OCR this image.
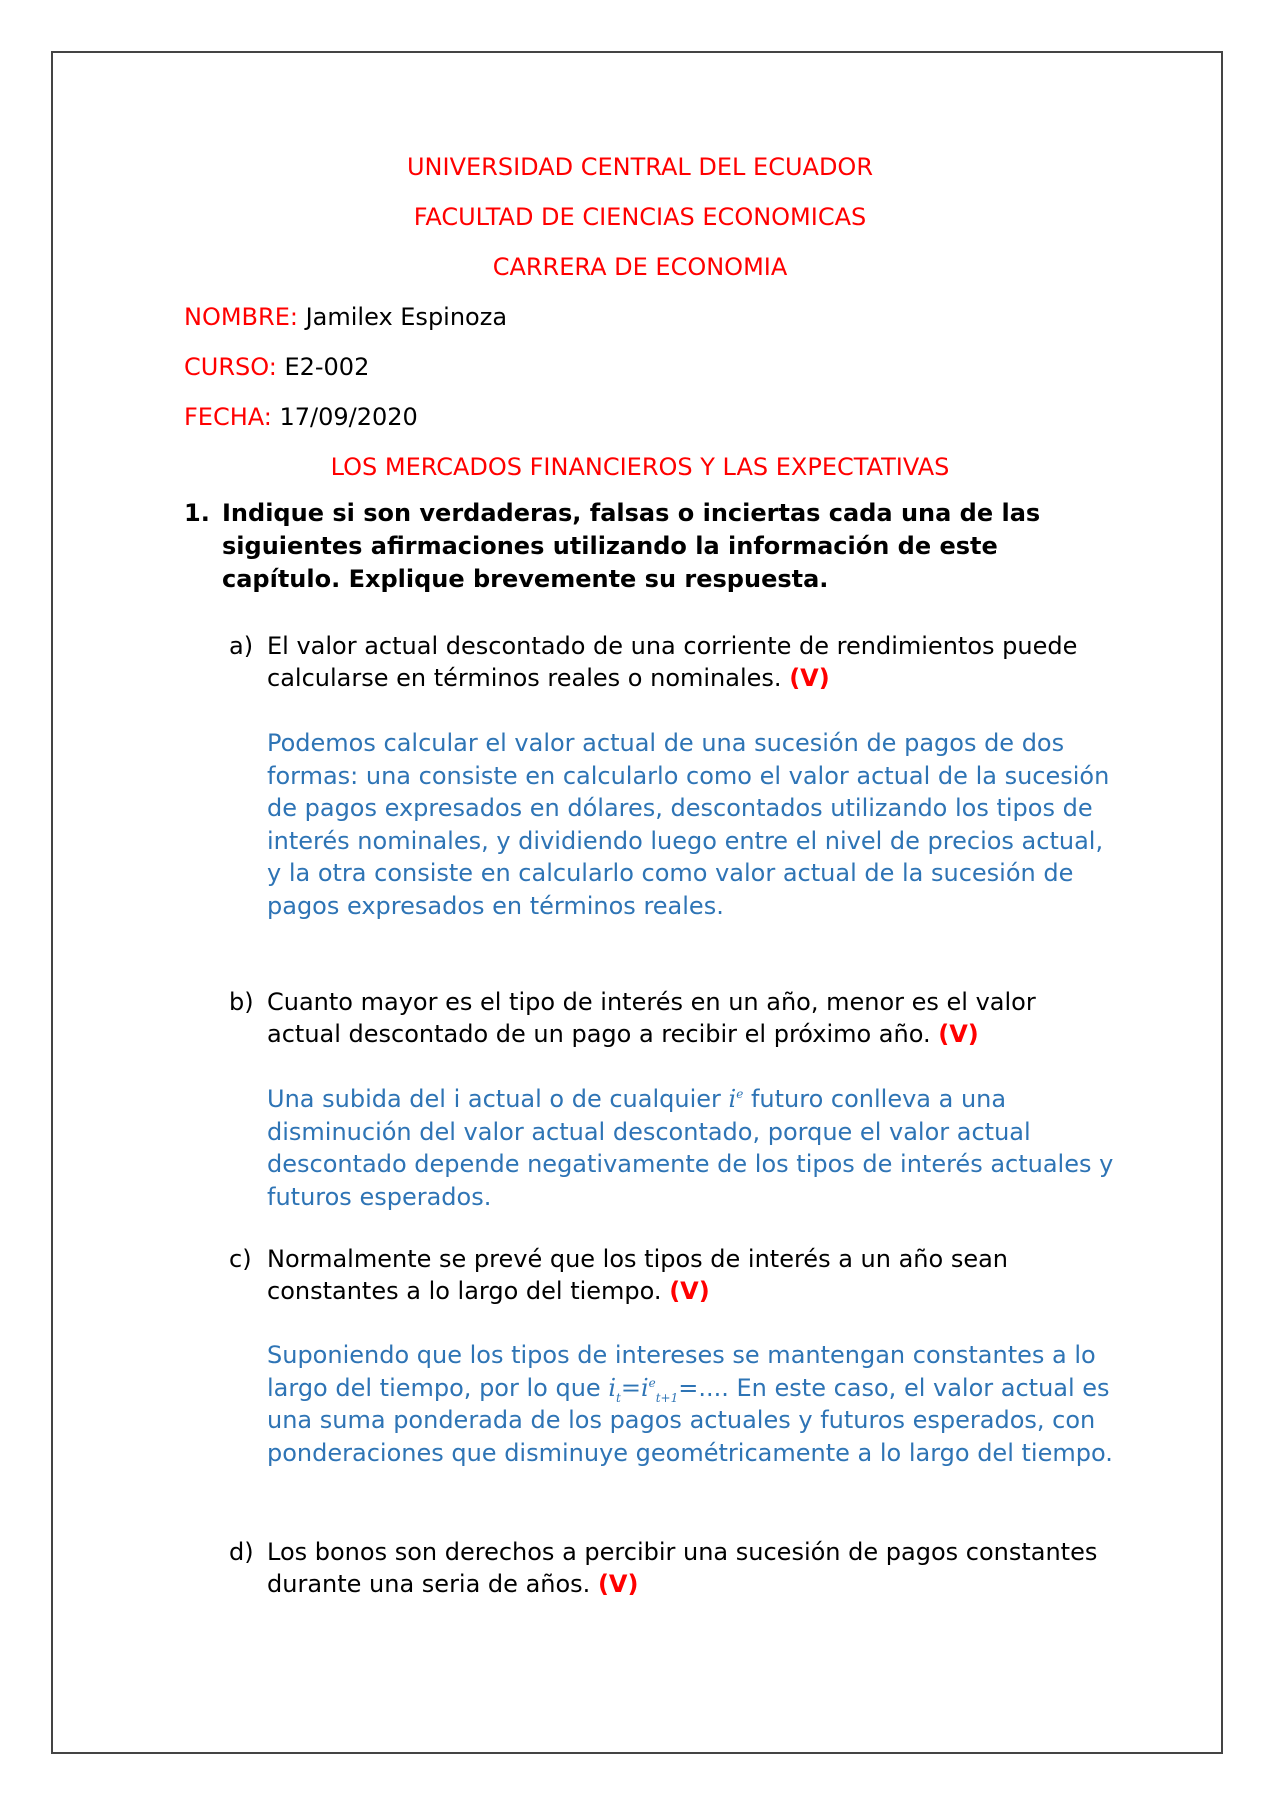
UNIVERSIDAD CENTRAL DEL ECUADOR
FACULTAD DE CIENCIAS ECONOMICAS
CARRERA DE ECONOMIA
NOMBRE: Jamilex Espinoza
CURSO: E2-002
FECHA: 17/09/2020
LOS MERCADOS FINANCIEROS Y LAS EXPECTATIVAS
1. Indique si son verdaderas, falsas o inciertas cada una de las siguientes afirmaciones utilizando la información de este capítulo. Explique brevemente su respuesta.
a) El valor actual descontado de una corriente de rendimientos puede calcularse en términos reales o nominales. (V)
Podemos calcular el valor actual de una sucesión de pagos de dos formas: una consiste en calcularlo como el valor actual de la sucesión de pagos expresados en dólares, descontados utilizando los tipos de interés nominales, y dividiendo luego entre el nivel de precios actual, y la otra consiste en calcularlo como valor actual de la sucesión de pagos expresados en términos reales.
b) Cuanto mayor es el tipo de interés en un año, menor es el valor actual descontado de un pago a recibir el próximo año. (V)
Una subida del i actual o de cualquier $i^e$ futuro conlleva a una disminución del valor actual descontado, porque el valor actual descontado depende negativamente de los tipos de interés actuales y futuros esperados.
c) Normalmente se prevé que los tipos de interés a un año sean constantes a lo largo del tiempo. (V)
Suponiendo que los tipos de intereses se mantengan constantes a lo largo del tiempo, por lo que $i_t=i^e_{t+1}=$.... En este caso, el valor actual es una suma ponderada de los pagos actuales y futuros esperados, con ponderaciones que disminuye geométricamente a lo largo del tiempo.
d) Los bonos son derechos a percibir una sucesión de pagos constantes durante una seria de años. (V)
